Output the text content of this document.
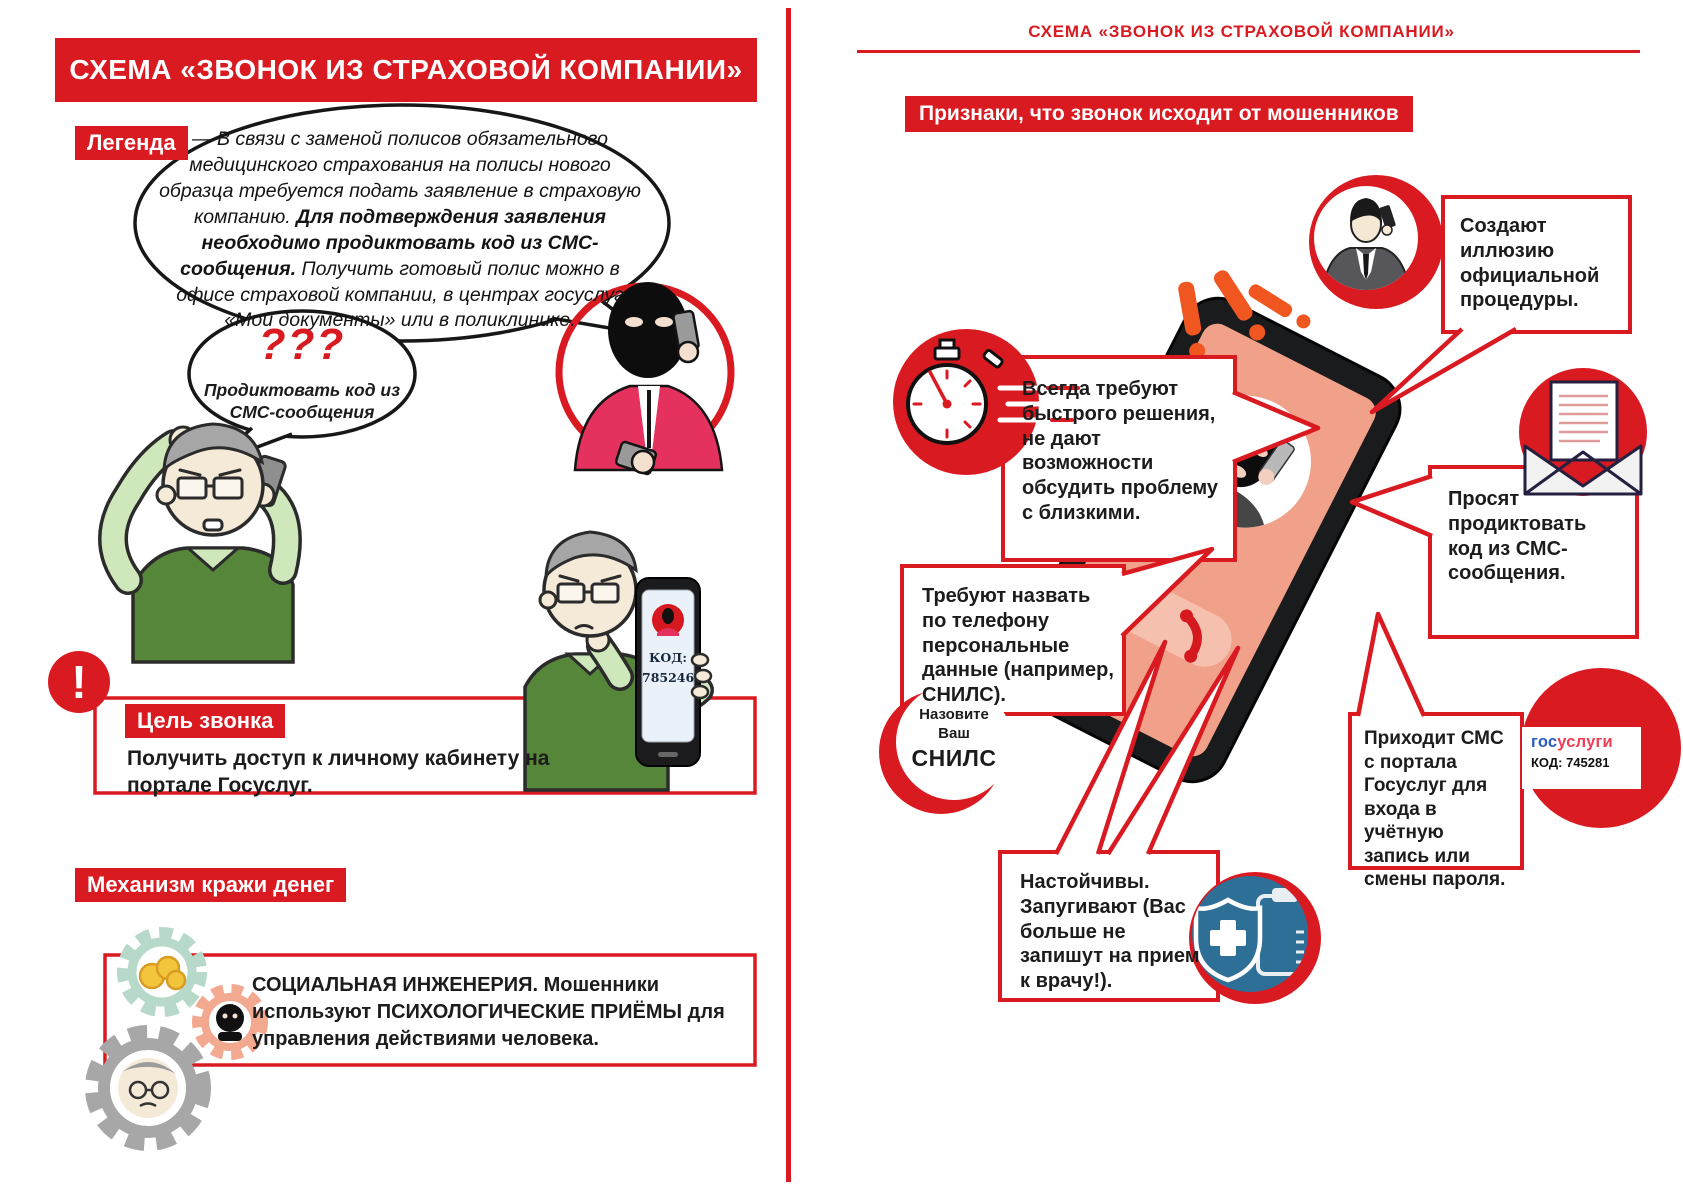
СХЕМА «ЗВОНОК ИЗ СТРАХОВОЙ КОМПАНИИ»
Легенда — В связи с заменой полисов обязательного медицинского страхования на полисы нового образца требуется подать заявление в страховую компанию. Для подтверждения заявления необходимо продиктовать код из СМС-сообщения. Получить готовый полис можно в офисе страховой компании, в центрах госуслуг «Мои документы» или в поликлинике.
???
Продиктовать код из СМС-сообщения
!
Цель звонка
Получить доступ к личному кабинету на портале Госуслуг.
КОД:
785246
Механизм кражи денег
СОЦИАЛЬНАЯ ИНЖЕНЕРИЯ. Мошенники используют ПСИХОЛОГИЧЕСКИЕ ПРИЁМЫ для управления действиями человека.
СХЕМА «ЗВОНОК ИЗ СТРАХОВОЙ КОМПАНИИ»
Признаки, что звонок исходит от мошенников
Создают иллюзию официальной процедуры.
Всегда требуют быстрого решения, не дают возможности обсудить проблему с близкими.
Просят продиктовать код из СМС-сообщения.
Требуют назвать по телефону персональные данные (например, СНИЛС).
Приходит СМС с портала Госуслуг для входа в учётную запись или смены пароля.
Настойчивы. Запугивают (Вас больше не запишут на прием к врачу!).
Назовите
Ваш
СНИЛС
госуслуги
КОД: 745281
